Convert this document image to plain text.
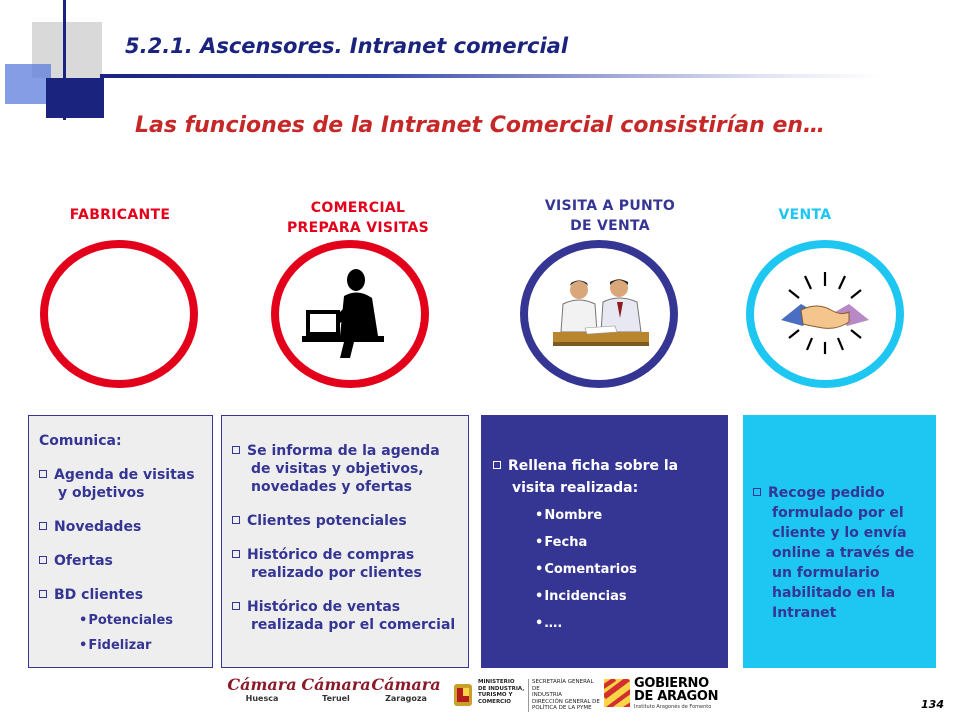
5.2.1. Ascensores. Intranet comercial
Las funciones de la Intranet Comercial consistirían en…
FABRICANTE	COMERCIAL
PREPARA VISITAS
VISITA A PUNTO
DE VENTA
VENTA
Comunica:
Agenda de visitas y objetivos
Novedades
Ofertas
BD clientes
• Potenciales
• Fidelizar
Se informa de la agenda de visitas y objetivos, novedades y ofertas
Clientes potenciales
Histórico de compras realizado por clientes
Histórico de ventas realizada por el comercial
Rellena ficha sobre la visita realizada:
• Nombre
• Fecha
• Comentarios
• Incidencias
• ….
Recoge pedido formulado por el cliente y lo envía online a través de un formulario habilitado en la Intranet
Cámara
Huesca
Cámara
Teruel
Cámara
Zaragoza
MINISTERIO
DE INDUSTRIA,
TURISMO Y
COMERCIO
SECRETARÍA GENERAL DE
INDUSTRIA
DIRECCIÓN GENERAL DE
POLÍTICA DE LA PYME
GOBIERNO
DE ARAGON
Instituto Aragonés de Fomento	134
